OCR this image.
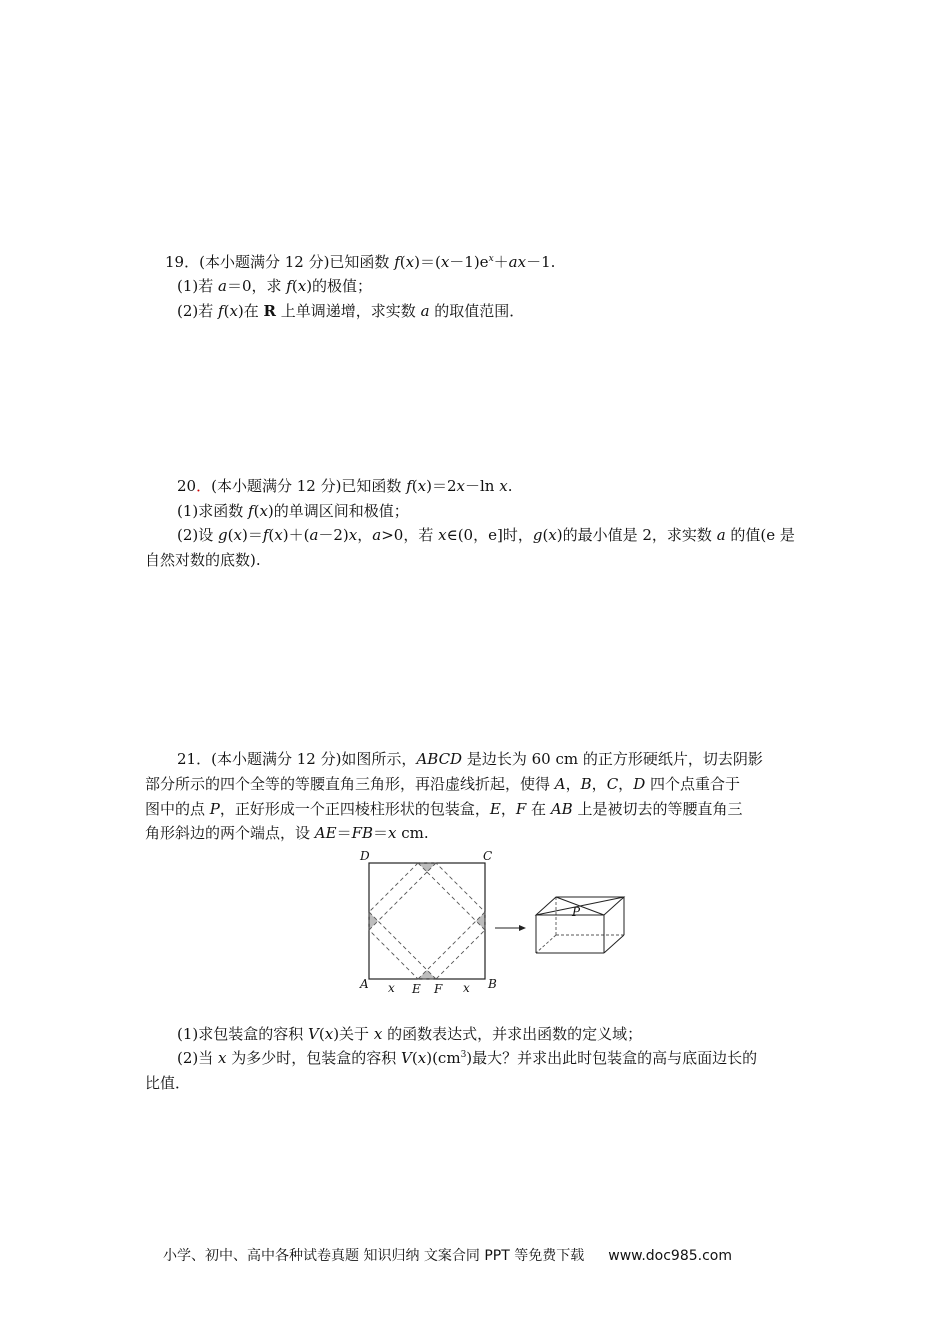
19．(本小题满分 12 分)已知函数 $f(x)=(x-1)e^x+ax-1$.
(1)若 a＝0，求 f(x)的极值；
(2)若 f(x)在 R 上单调递增，求实数 a 的取值范围．
20．(本小题满分 12 分)已知函数 f(x)＝2x－ln x.
(1)求函数 f(x)的单调区间和极值；
(2)设 g(x)＝f(x)＋(a－2)x，a>0，若 x∈(0，e]时，g(x)的最小值是 2，求实数 a 的值(e 是
自然对数的底数).
21．(本小题满分 12 分)如图所示，ABCD 是边长为 60 cm 的正方形硬纸片，切去阴影
部分所示的四个全等的等腰直角三角形，再沿虚线折起，使得 A，B，C，D 四个点重合于
图中的点 P，正好形成一个正四棱柱形状的包装盒，E，F 在 AB 上是被切去的等腰直角三
角形斜边的两个端点，设 AE＝FB＝x cm.
D	C
A	B
x E F x
P
(1)求包装盒的容积 V(x)关于 x 的函数表达式，并求出函数的定义域；
(2)当 x 为多少时，包装盒的容积 $V(x)(cm^3)$最大？并求出此时包装盒的高与底面边长的
比值．
小学、初中、高中各种试卷真题 知识归纳 文案合同 PPT 等免费下载 www.doc985.com
